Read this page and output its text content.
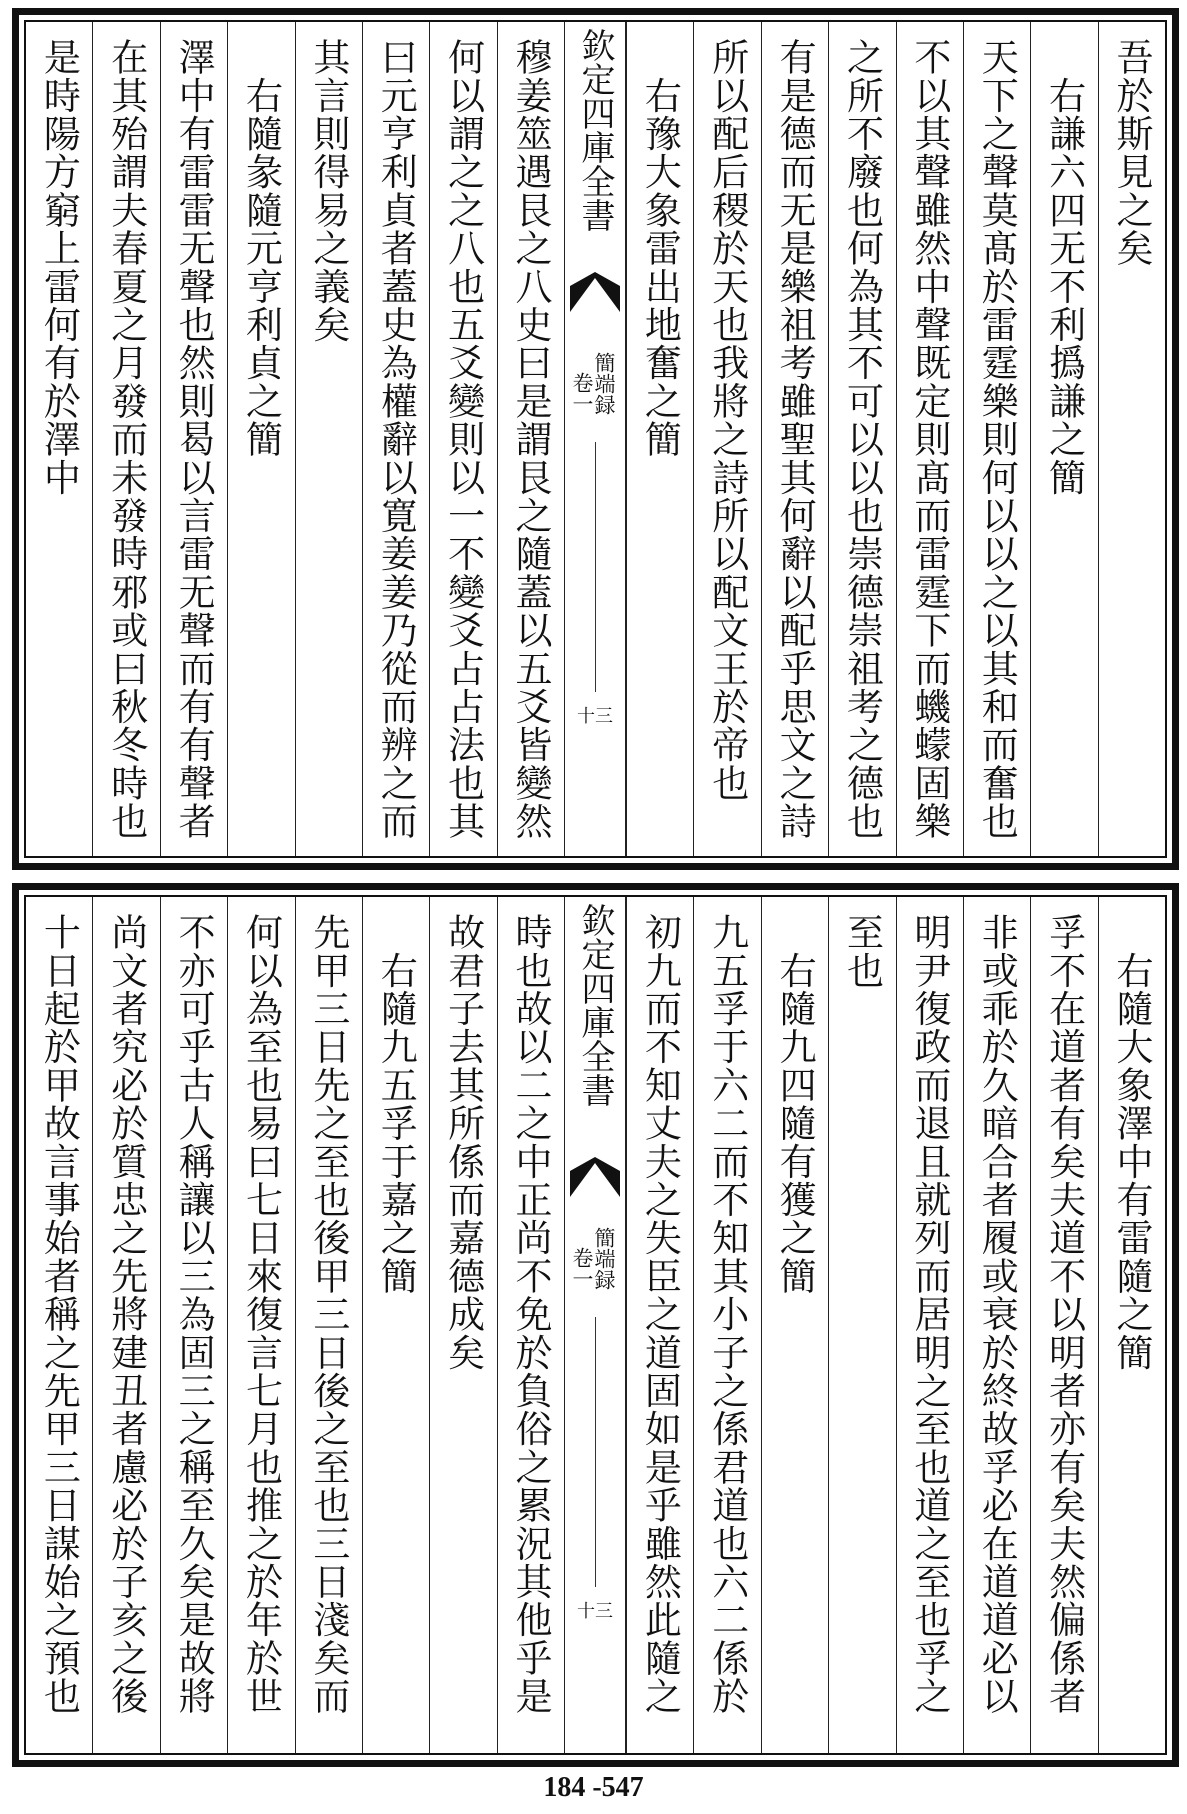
吾於斯見之矣
　右謙六四无不利撝謙之簡
天下之聲莫髙於雷霆樂則何以以之以其和而奮也
不以其聲雖然中聲既定則髙而雷霆下而蟣蠓固樂
之所不廢也何為其不可以以也崇德崇祖考之德也
有是德而无是樂祖考雖聖其何辭以配乎思文之詩
所以配后稷於天也我將之詩所以配文王於帝也
　右豫大象雷出地奮之簡
欽定四庫全書
簡端録
卷一
十三
穆姜筮遇艮之八史曰是謂艮之隨蓋以五爻皆變然
何以謂之之八也五爻變則以一不變爻占占法也其
曰元亨利貞者蓋史為權辭以寛姜姜乃從而辨之而
其言則得易之義矣
　右隨彖隨元亨利貞之簡
澤中有雷雷无聲也然則曷以言雷无聲而有有聲者
在其殆謂夫春夏之月發而未發時邪或曰秋冬時也
是時陽方窮上雷何有於澤中
　右隨大象澤中有雷隨之簡
孚不在道者有矣夫道不以明者亦有矣夫然偏係者
非或乖於久暗合者履或衰於終故孚必在道道必以
明尹復政而退且就列而居明之至也道之至也孚之
至也
　右隨九四隨有獲之簡
九五孚于六二而不知其小子之係君道也六二係於
初九而不知丈夫之失臣之道固如是乎雖然此隨之
欽定四庫全書
簡端録
卷一
十三
時也故以二之中正尚不免於負俗之累況其他乎是
故君子去其所係而嘉德成矣
　右隨九五孚于嘉之簡
先甲三日先之至也後甲三日後之至也三日淺矣而
何以為至也易曰七日來復言七月也推之於年於世
不亦可乎古人稱讓以三為固三之稱至久矣是故將
尚文者究必於質忠之先將建丑者慮必於子亥之後
十日起於甲故言事始者稱之先甲三日謀始之預也
184 -547
